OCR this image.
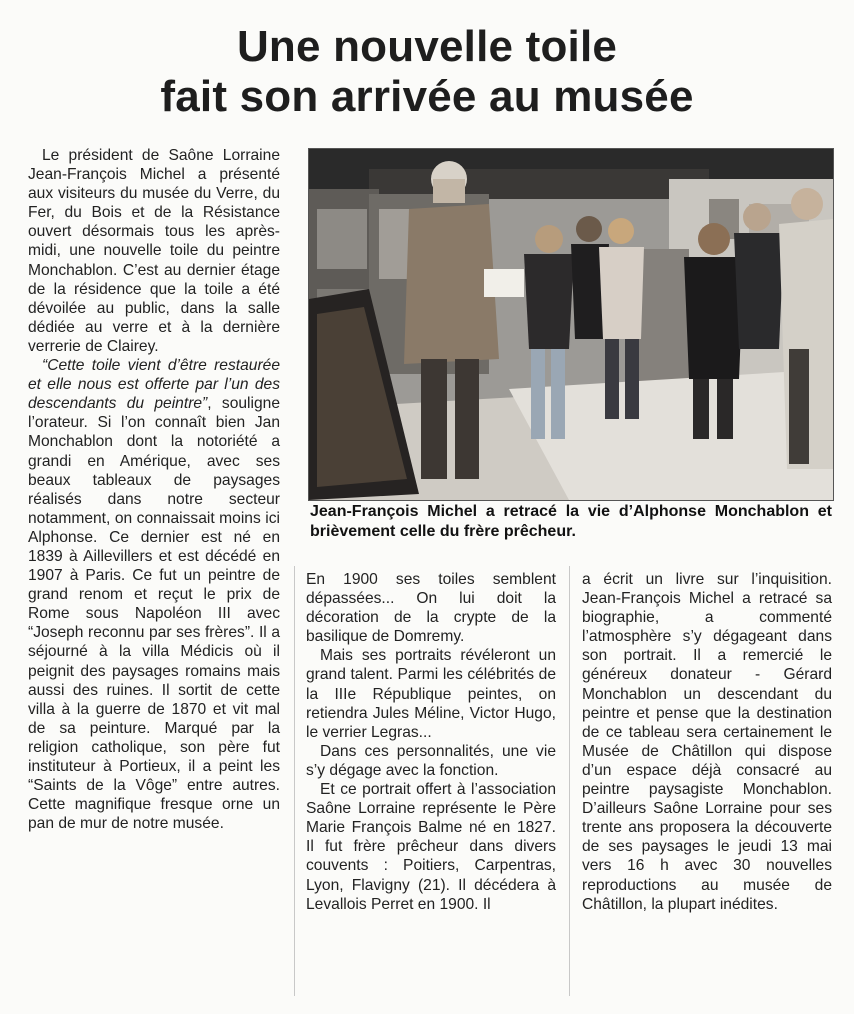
Une nouvelle toile
fait son arrivée au musée

Le président de Saône Lorraine Jean-François Michel a présenté aux visiteurs du musée du Verre, du Fer, du Bois et de la Résistance ouvert désormais tous les après-midi, une nouvelle toile du peintre Monchablon. C’est au dernier étage de la résidence que la toile a été dévoilée au public, dans la salle dédiée au verre et à la dernière verrerie de Clairey.

“Cette toile vient d’être restaurée et elle nous est offerte par l’un des descendants du peintre”, souligne l’orateur. Si l’on connaît bien Jan Monchablon dont la notoriété a grandi en Amérique, avec ses beaux tableaux de paysages réalisés dans notre secteur notamment, on connaissait moins ici Alphonse. Ce dernier est né en 1839 à Aillevillers et est décédé en 1907 à Paris. Ce fut un peintre de grand renom et reçut le prix de Rome sous Napoléon III avec “Joseph reconnu par ses frères”. Il a séjourné à la villa Médicis où il peignit des paysages romains mais aussi des ruines. Il sortit de cette villa à la guerre de 1870 et vit mal de sa peinture. Marqué par la religion catholique, son père fut instituteur à Portieux, il a peint les “Saints de la Vôge” entre autres. Cette magnifique fresque orne un pan de mur de notre musée.

Jean-François Michel a retracé la vie d’Alphonse Monchablon et brièvement celle du frère prêcheur.

En 1900 ses toiles semblent dépassées... On lui doit la décoration de la crypte de la basilique de Domremy.

Mais ses portraits révéleront un grand talent. Parmi les célébrités de la IIIe République peintes, on retiendra Jules Méline, Victor Hugo, le verrier Legras...

Dans ces personnalités, une vie s’y dégage avec la fonction.

Et ce portrait offert à l’association Saône Lorraine représente le Père Marie François Balme né en 1827. Il fut frère prêcheur dans divers couvents : Poitiers, Carpentras, Lyon, Flavigny (21). Il décédera à Levallois Perret en 1900. Il

a écrit un livre sur l’inquisition. Jean-François Michel a retracé sa biographie, a commenté l’atmosphère s’y dégageant dans son portrait. Il a remercié le généreux donateur - Gérard Monchablon un descendant du peintre et pense que la destination de ce tableau sera certainement le Musée de Châtillon qui dispose d’un espace déjà consacré au peintre paysagiste Monchablon. D’ailleurs Saône Lorraine pour ses trente ans proposera la découverte de ses paysages le jeudi 13 mai vers 16 h avec 30 nouvelles reproductions au musée de Châtillon, la plupart inédites.
